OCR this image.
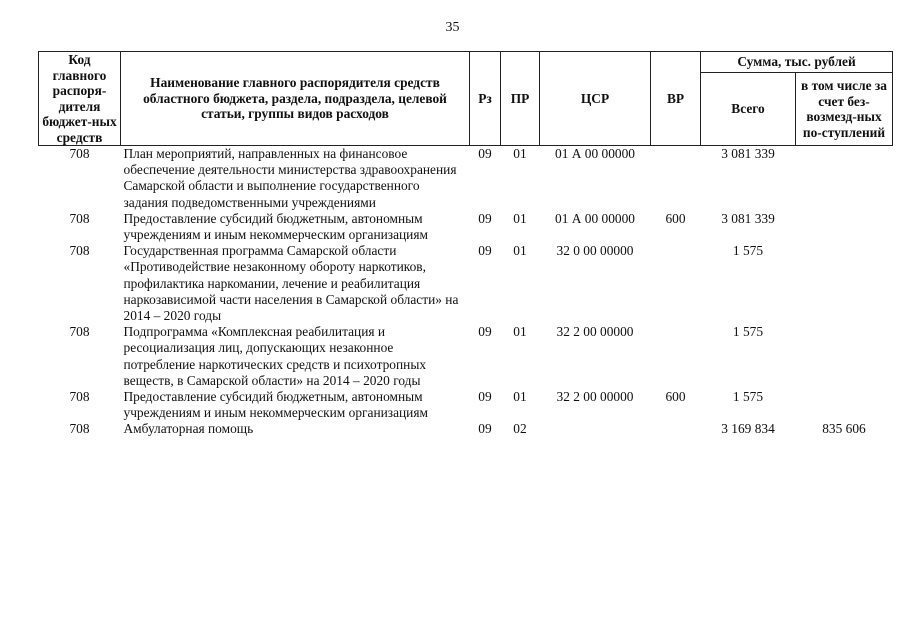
35
Код главного распоря-дителя бюджет-ных средств	Наименование главного распорядителя средств областного бюджета, раздела, подраздела, целевой статьи, группы видов расходов	Рз	ПР	ЦСР	ВР	Сумма, тыс. рублей	
						Всего	в том числе за счет без-возмезд-ных по-ступлений
708	План мероприятий, направленных на финансовое обеспечение деятельности министерства здравоохранения Самарской области и выполнение государственного задания подведомственными учреждениями	09	01	01 А 00 00000		3 081 339	
708	Предоставление субсидий бюджетным, автономным учреждениям и иным некоммерческим организациям	09	01	01 А 00 00000	600	3 081 339	
708	Государственная программа Самарской области «Противодействие незаконному обороту наркотиков, профилактика наркомании, лечение и реабилитация наркозависимой части населения в Самарской области» на 2014 – 2020 годы	09	01	32 0 00 00000		1 575	
708	Подпрограмма «Комплексная реабилитация и ресоциализация лиц, допускающих незаконное потребление наркотических средств и психотропных веществ, в Самарской области» на 2014 – 2020 годы	09	01	32 2 00 00000		1 575	
708	Предоставление субсидий бюджетным, автономным учреждениям и иным некоммерческим организациям	09	01	32 2 00 00000	600	1 575	
708	Амбулаторная помощь	09	02			3 169 834	835 606
